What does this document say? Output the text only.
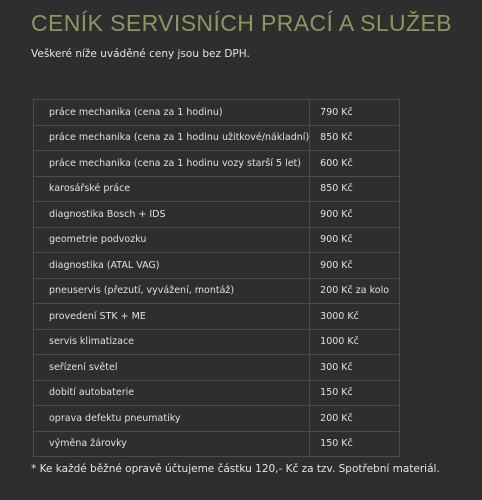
CENÍK SERVISNÍCH PRACÍ A SLUŽEB
Veškeré níže uváděné ceny jsou bez DPH.
práce mechanika (cena za 1 hodinu)	790 Kč
práce mechanika (cena za 1 hodinu užitkové/nákladní)	850 Kč
práce mechanika (cena za 1 hodinu vozy starší 5 let)	600 Kč
karosářské práce	850 Kč
diagnostika Bosch + IDS	900 Kč
geometrie podvozku	900 Kč
diagnostika (ATAL VAG)	900 Kč
pneuservis (přezutí, vyvážení, montáž)	200 Kč za kolo
provedení STK + ME	3000 Kč
servis klimatizace	1000 Kč
seřízení světel	300 Kč
dobití autobaterie	150 Kč
oprava defektu pneumatiky	200 Kč
výměna žárovky	150 Kč
* Ke každé běžné opravě účtujeme částku 120,- Kč za tzv. Spotřební materiál.
